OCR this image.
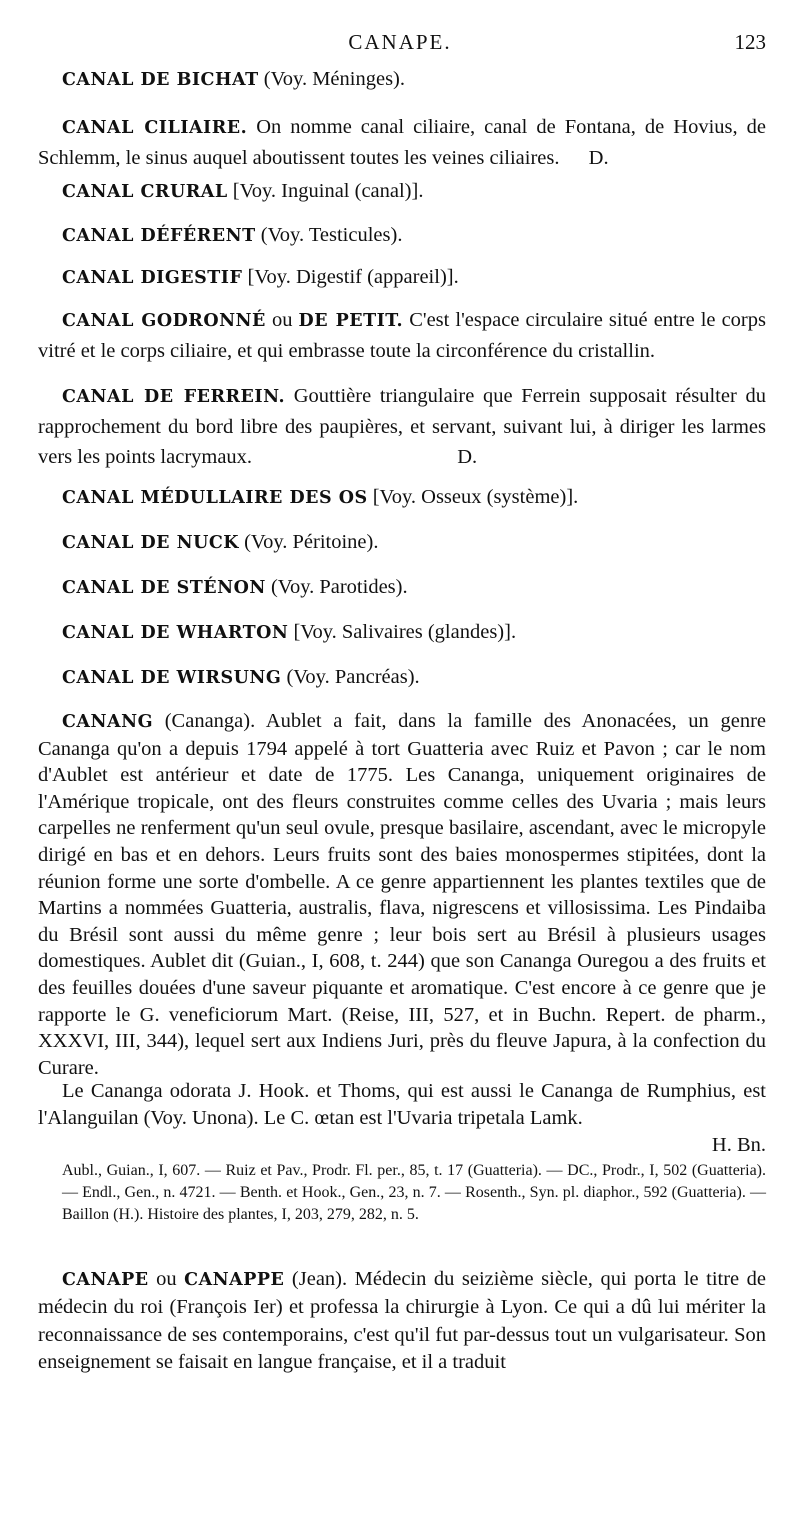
CANAPE.	123
CANAL DE BICHAT (Voy. Méninges).
CANAL CILIAIRE. On nomme canal ciliaire, canal de Fontana, de Hovius, de Schlemm, le sinus auquel aboutissent toutes les veines ciliaires. D.
CANAL CRURAL [Voy. Inguinal (canal)].
CANAL DÉFÉRENT (Voy. Testicules).
CANAL DIGESTIF [Voy. Digestif (appareil)].
CANAL GODRONNÉ ou DE PETIT. C'est l'espace circulaire situé entre le corps vitré et le corps ciliaire, et qui embrasse toute la circonférence du cristallin.
CANAL DE FERREIN. Gouttière triangulaire que Ferrein supposait résulter du rapprochement du bord libre des paupières, et servant, suivant lui, à diriger les larmes vers les points lacrymaux.	D.
CANAL MÉDULLAIRE DES OS [Voy. Osseux (système)].
CANAL DE NUCK (Voy. Péritoine).
CANAL DE STÉNON (Voy. Parotides).
CANAL DE WHARTON [Voy. Salivaires (glandes)].
CANAL DE WIRSUNG (Voy. Pancréas).
CANANG (Cananga). Aublet a fait, dans la famille des Anonacées, un genre Cananga qu'on a depuis 1794 appelé à tort Guatteria avec Ruiz et Pavon ; car le nom d'Aublet est antérieur et date de 1775. Les Cananga, uniquement originaires de l'Amérique tropicale, ont des fleurs construites comme celles des Uvaria ; mais leurs carpelles ne renferment qu'un seul ovule, presque basilaire, ascendant, avec le micropyle dirigé en bas et en dehors. Leurs fruits sont des baies monospermes stipitées, dont la réunion forme une sorte d'ombelle. A ce genre appartiennent les plantes textiles que de Martins a nommées Guatteria, australis, flava, nigrescens et villosissima. Les Pindaiba du Brésil sont aussi du même genre ; leur bois sert au Brésil à plusieurs usages domestiques. Aublet dit (Guian., I, 608, t. 244) que son Cananga Ouregou a des fruits et des feuilles douées d'une saveur piquante et aromatique. C'est encore à ce genre que je rapporte le G. veneficiorum Mart. (Reise, III, 527, et in Buchn. Repert. de pharm., XXXVI, III, 344), lequel sert aux Indiens Juri, près du fleuve Japura, à la confection du Curare.
Le Cananga odorata J. Hook. et Thoms, qui est aussi le Cananga de Rumphius, est l'Alanguilan (Voy. Unona). Le C. œtan est l'Uvaria tripetala Lamk.
H. Bn.
Aubl., Guian., I, 607. — Ruiz et Pav., Prodr. Fl. per., 85, t. 17 (Guatteria). — DC., Prodr., I, 502 (Guatteria). — Endl., Gen., n. 4721. — Benth. et Hook., Gen., 23, n. 7. — Rosenth., Syn. pl. diaphor., 592 (Guatteria). — Baillon (H.). Histoire des plantes, I, 203, 279, 282, n. 5.
CANAPE ou CANAPPE (Jean). Médecin du seizième siècle, qui porta le titre de médecin du roi (François Ier) et professa la chirurgie à Lyon. Ce qui a dû lui mériter la reconnaissance de ses contemporains, c'est qu'il fut par-dessus tout un vulgarisateur. Son enseignement se faisait en langue française, et il a traduit
